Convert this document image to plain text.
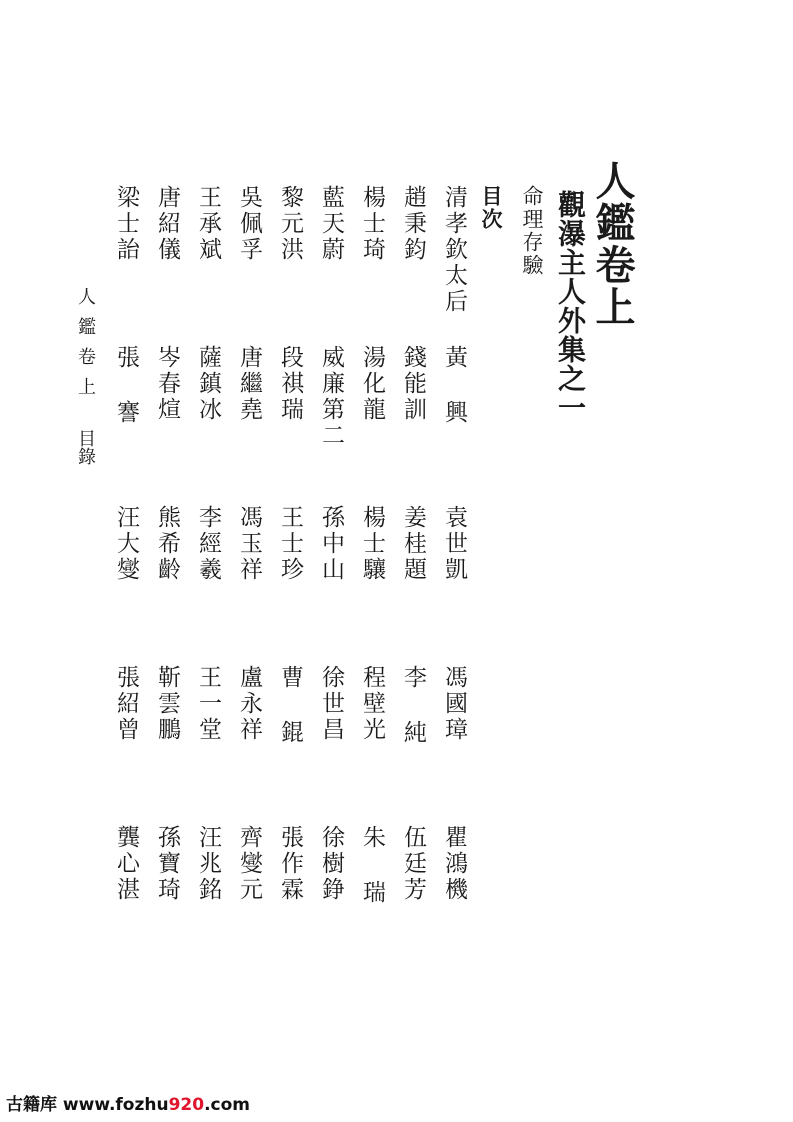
人鑑卷上
觀瀑主人外集之一
命理存驗
目次
清孝欽太后
黃 興
袁世凱
馮國璋
瞿鴻機
趙秉鈞
錢能訓
姜桂題
李 純
伍廷芳
楊士琦
湯化龍
楊士驤
程壁光
朱 瑞
藍天蔚
威廉第二
孫中山
徐世昌
徐樹錚
黎元洪
段祺瑞
王士珍
曹 錕
張作霖
吳佩孚
唐繼堯
馮玉祥
盧永祥
齊燮元
王承斌
薩鎮冰
李經羲
王一堂
汪兆銘
唐紹儀
岑春煊
熊希齡
靳雲鵬
孫寶琦
梁士詒
張 謇
汪大燮
張紹曾
龔心湛
人鑑卷上目錄
古籍库 www.fozhu920.com
